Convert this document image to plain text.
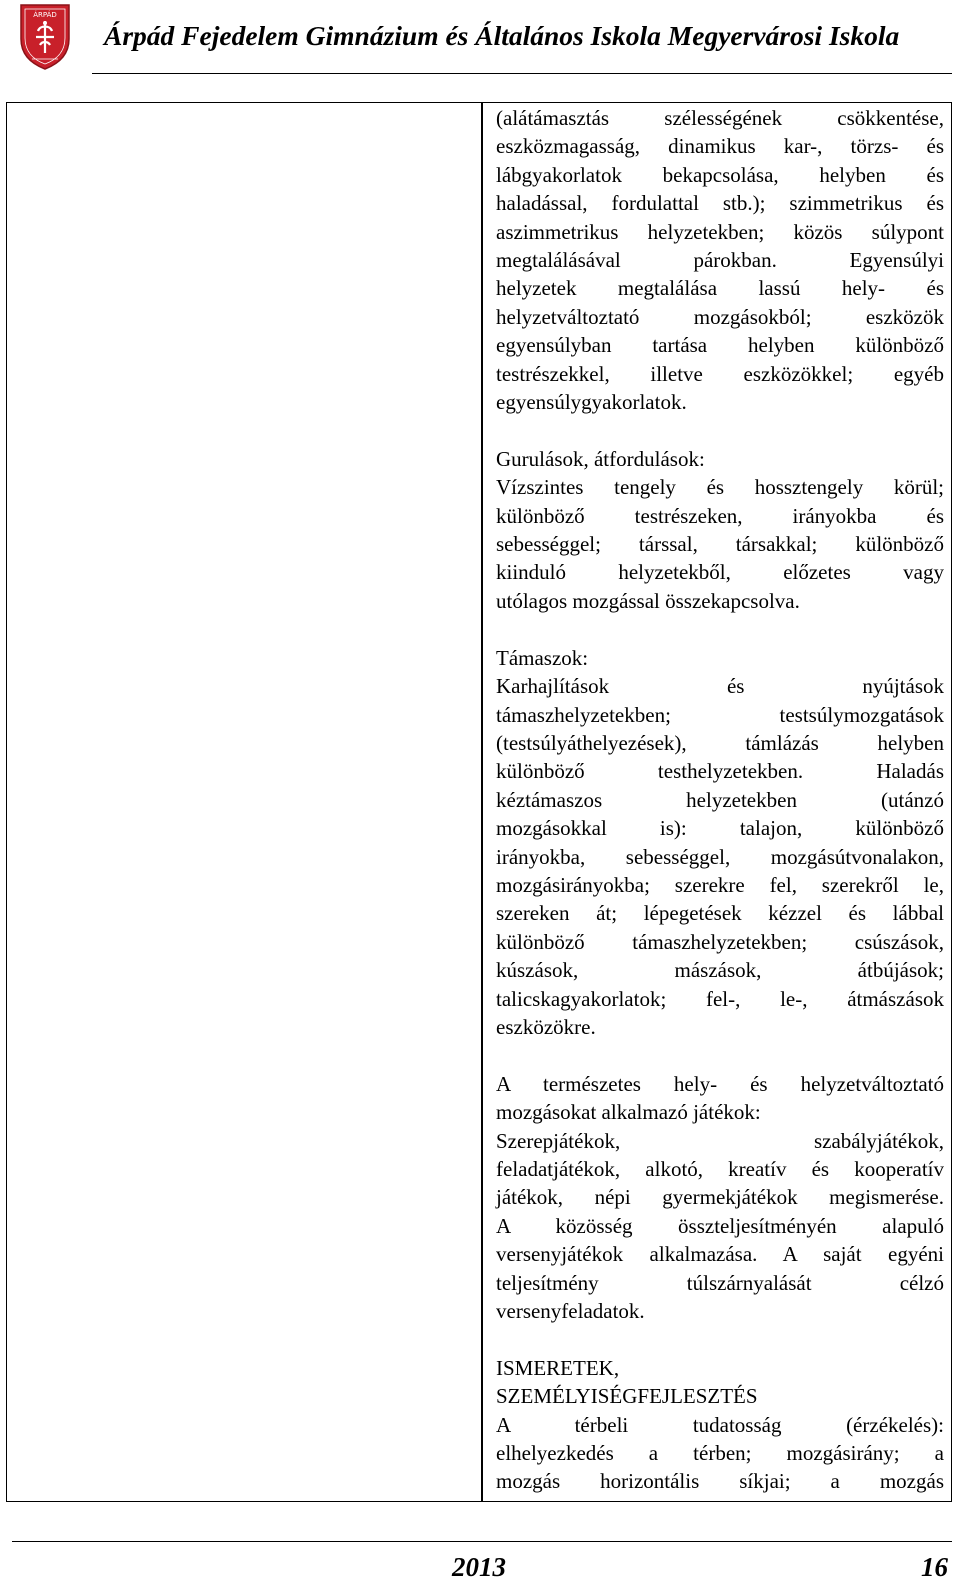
ÁRPÁD
Árpád Fejedelem Gimnázium és Általános Iskola Megyervárosi Iskola

(alátámasztás szélességének csökkentése,
eszközmagasság, dinamikus kar-, törzs- és
lábgyakorlatok bekapcsolása, helyben és
haladással, fordulattal stb.); szimmetrikus és
aszimmetrikus helyzetekben; közös súlypont
megtalálásával párokban. Egyensúlyi
helyzetek megtalálása lassú hely- és
helyzetváltoztató mozgásokból; eszközök
egyensúlyban tartása helyben különböző
testrészekkel, illetve eszközökkel; egyéb
egyensúlygyakorlatok.

Gurulások, átfordulások:
Vízszintes tengely és hossztengely körül;
különböző testrészeken, irányokba és
sebességgel; társsal, társakkal; különböző
kiinduló helyzetekből, előzetes vagy
utólagos mozgással összekapcsolva.

Támaszok:
Karhajlítások és nyújtások
támaszhelyzetekben; testsúlymozgatások
(testsúlyáthelyezések), támlázás helyben
különböző testhelyzetekben. Haladás
kéztámaszos helyzetekben (utánzó
mozgásokkal is): talajon, különböző
irányokba, sebességgel, mozgásútvonalakon,
mozgásirányokba; szerekre fel, szerekről le,
szereken át; lépegetések kézzel és lábbal
különböző támaszhelyzetekben; csúszások,
kúszások, mászások, átbújások;
talicskagyakorlatok; fel-, le-, átmászások
eszközökre.

A természetes hely- és helyzetváltoztató
mozgásokat alkalmazó játékok:
Szerepjátékok, szabályjátékok,
feladatjátékok, alkotó, kreatív és kooperatív
játékok, népi gyermekjátékok megismerése.
A közösség összteljesítményén alapuló
versenyjátékok alkalmazása. A saját egyéni
teljesítmény túlszárnyalását célzó
versenyfeladatok.

ISMERETEK,
SZEMÉLYISÉGFEJLESZTÉS
A térbeli tudatosság (érzékelés):
elhelyezkedés a térben; mozgásirány; a
mozgás horizontális síkjai; a mozgás

2013	16
